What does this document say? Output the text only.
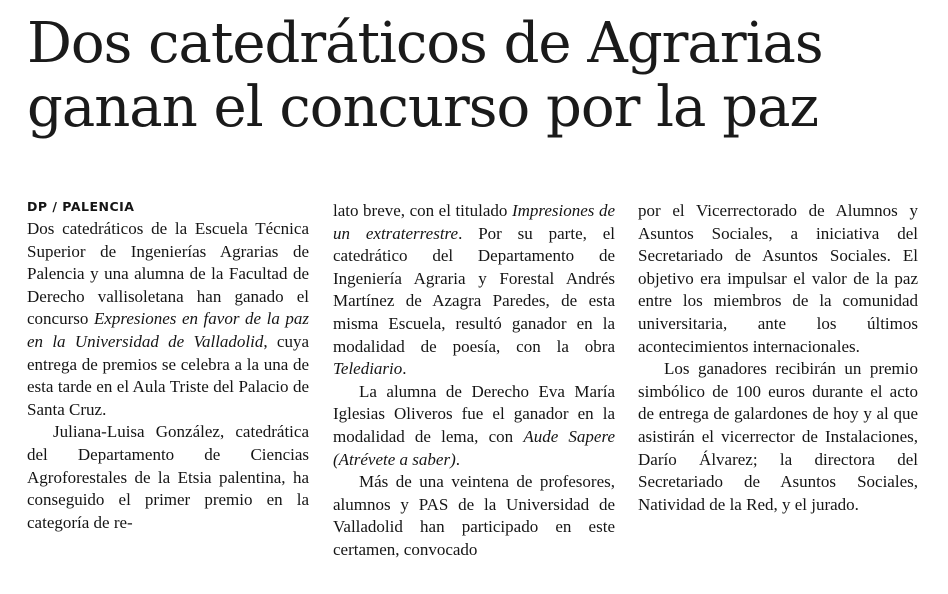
Dos catedráticos de Agrarias
ganan el concurso por la paz
DP / PALENCIA

Dos catedráticos de la Escuela Técnica Superior de Ingenierías Agrarias de Palencia y una alumna de la Facultad de Derecho vallisoletana han ganado el concurso Expresiones en favor de la paz en la Universidad de Valladolid, cuya entrega de premios se celebra a la una de esta tarde en el Aula Triste del Palacio de Santa Cruz.

Juliana-Luisa González, catedrática del Departamento de Ciencias Agroforestales de la Etsia palentina, ha conseguido el primer premio en la categoría de re-

lato breve, con el titulado Impresiones de un extraterrestre. Por su parte, el catedrático del Departamento de Ingeniería Agraria y Forestal Andrés Martínez de Azagra Paredes, de esta misma Escuela, resultó ganador en la modalidad de poesía, con la obra Telediario.

La alumna de Derecho Eva María Iglesias Oliveros fue el ganador en la modalidad de lema, con Aude Sapere (Atrévete a saber).

Más de una veintena de profesores, alumnos y PAS de la Universidad de Valladolid han participado en este certamen, convocado

por el Vicerrectorado de Alumnos y Asuntos Sociales, a iniciativa del Secretariado de Asuntos Sociales. El objetivo era impulsar el valor de la paz entre los miembros de la comunidad universitaria, ante los últimos acontecimientos internacionales.

Los ganadores recibirán un premio simbólico de 100 euros durante el acto de entrega de galardones de hoy y al que asistirán el vicerrector de Instalaciones, Darío Álvarez; la directora del Secretariado de Asuntos Sociales, Natividad de la Red, y el jurado.
